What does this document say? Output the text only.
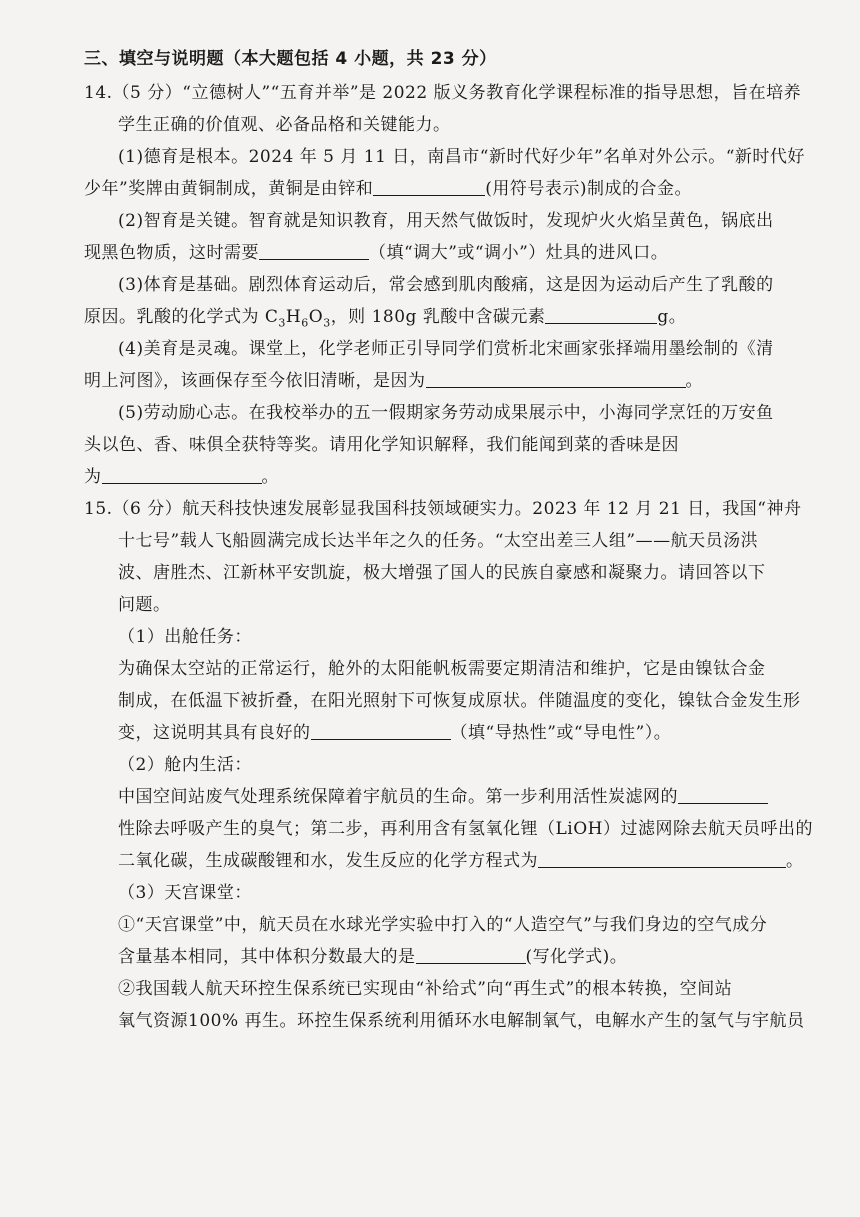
三、填空与说明题（本大题包括 4 小题，共 23 分）
14.（5 分）“立德树人”“五育并举”是 2022 版义务教育化学课程标准的指导思想，旨在培养
学生正确的价值观、必备品格和关键能力。
(1)德育是根本。2024 年 5 月 11 日，南昌市“新时代好少年”名单对外公示。“新时代好
少年”奖牌由黄铜制成，黄铜是由锌和	(用符号表示)制成的合金。
(2)智育是关键。智育就是知识教育，用天然气做饭时，发现炉火火焰呈黄色，锅底出
现黑色物质，这时需要	（填“调大”或“调小”）灶具的进风口。
(3)体育是基础。剧烈体育运动后，常会感到肌肉酸痛，这是因为运动后产生了乳酸的
原因。乳酸的化学式为 $C_3H_6O_3$，则 180g 乳酸中含碳元素	g。
(4)美育是灵魂。课堂上，化学老师正引导同学们赏析北宋画家张择端用墨绘制的《清
明上河图》，该画保存至今依旧清晰，是因为	。
(5)劳动励心志。在我校举办的五一假期家务劳动成果展示中，小海同学烹饪的万安鱼
头以色、香、味俱全获特等奖。请用化学知识解释，我们能闻到菜的香味是因
为	。
15.（6 分）航天科技快速发展彰显我国科技领域硬实力。2023 年 12 月 21 日，我国“神舟
十七号”载人飞船圆满完成长达半年之久的任务。“太空出差三人组”——航天员汤洪
波、唐胜杰、江新林平安凯旋，极大增强了国人的民族自豪感和凝聚力。请回答以下
问题。
（1）出舱任务：
为确保太空站的正常运行，舱外的太阳能帆板需要定期清洁和维护，它是由镍钛合金
制成，在低温下被折叠，在阳光照射下可恢复成原状。伴随温度的变化，镍钛合金发生形
变，这说明其具有良好的	（填“导热性”或“导电性”）。
（2）舱内生活：
中国空间站废气处理系统保障着宇航员的生命。第一步利用活性炭滤网的
性除去呼吸产生的臭气；第二步，再利用含有氢氧化锂（LiOH）过滤网除去航天员呼出的
二氧化碳，生成碳酸锂和水，发生反应的化学方程式为	。
（3）天宫课堂：
①“天宫课堂”中，航天员在水球光学实验中打入的“人造空气”与我们身边的空气成分
含量基本相同，其中体积分数最大的是	(写化学式)。
②我国载人航天环控生保系统已实现由“补给式”向“再生式”的根本转换，空间站
氧气资源100% 再生。环控生保系统利用循环水电解制氧气，电解水产生的氢气与宇航员
